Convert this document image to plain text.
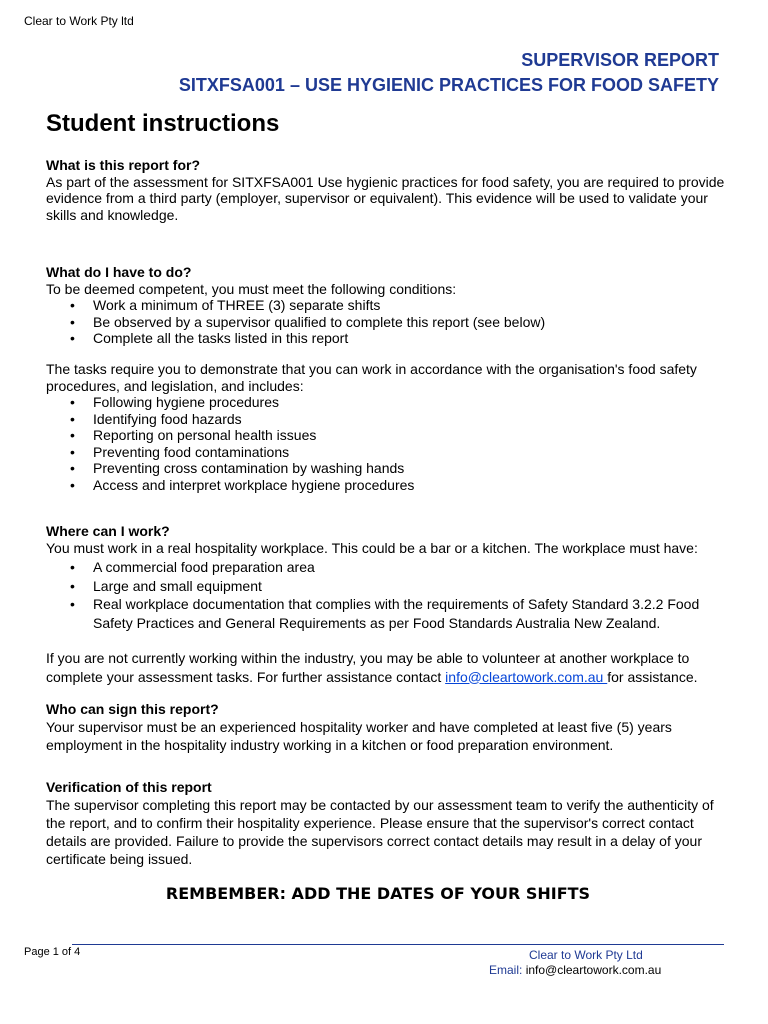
Clear to Work Pty ltd
SUPERVISOR REPORT
SITXFSA001 – USE HYGIENIC PRACTICES FOR FOOD SAFETY
Student instructions
What is this report for?
As part of the assessment for SITXFSA001 Use hygienic practices for food safety, you are required to provide evidence from a third party (employer, supervisor or equivalent). This evidence will be used to validate your skills and knowledge.
What do I have to do?
To be deemed competent, you must meet the following conditions:
• Work a minimum of THREE (3) separate shifts
• Be observed by a supervisor qualified to complete this report (see below)
• Complete all the tasks listed in this report
The tasks require you to demonstrate that you can work in accordance with the organisation's food safety procedures, and legislation, and includes:
• Following hygiene procedures
• Identifying food hazards
• Reporting on personal health issues
• Preventing food contaminations
• Preventing cross contamination by washing hands
• Access and interpret workplace hygiene procedures
Where can I work?
You must work in a real hospitality workplace. This could be a bar or a kitchen. The workplace must have:
• A commercial food preparation area
• Large and small equipment
• Real workplace documentation that complies with the requirements of Safety Standard 3.2.2 Food Safety Practices and General Requirements as per Food Standards Australia New Zealand.
If you are not currently working within the industry, you may be able to volunteer at another workplace to complete your assessment tasks. For further assistance contact info@cleartowork.com.au for assistance.
Who can sign this report?
Your supervisor must be an experienced hospitality worker and have completed at least five (5) years employment in the hospitality industry working in a kitchen or food preparation environment.
Verification of this report
The supervisor completing this report may be contacted by our assessment team to verify the authenticity of the report, and to confirm their hospitality experience. Please ensure that the supervisor's correct contact details are provided. Failure to provide the supervisors correct contact details may result in a delay of your certificate being issued.
REMBEMBER: ADD THE DATES OF YOUR SHIFTS
Page 1 of 4	Clear to Work Pty Ltd
Email: info@cleartowork.com.au
